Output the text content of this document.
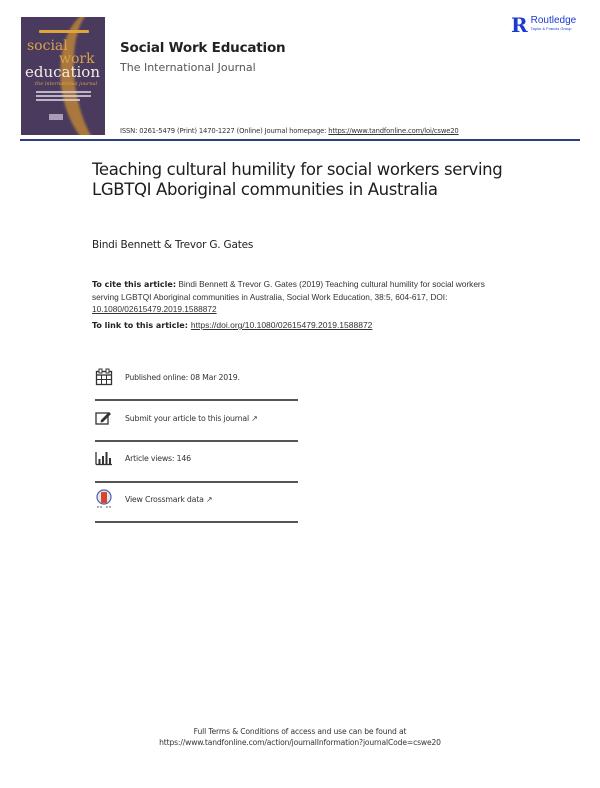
social
work
education
the international journal
Social Work Education
The International Journal
R Routledge
Taylor & Francis Group
ISSN: 0261-5479 (Print) 1470-1227 (Online) Journal homepage: https://www.tandfonline.com/loi/cswe20
Teaching cultural humility for social workers serving LGBTQI Aboriginal communities in Australia
Bindi Bennett & Trevor G. Gates
To cite this article: Bindi Bennett & Trevor G. Gates (2019) Teaching cultural humility for social workers serving LGBTQI Aboriginal communities in Australia, Social Work Education, 38:5, 604-617, DOI: 10.1080/02615479.2019.1588872
To link to this article: https://doi.org/10.1080/02615479.2019.1588872
Published online: 08 Mar 2019.
Submit your article to this journal ↗
Article views: 146
View Crossmark data ↗
Full Terms & Conditions of access and use can be found at
https://www.tandfonline.com/action/journalInformation?journalCode=cswe20
